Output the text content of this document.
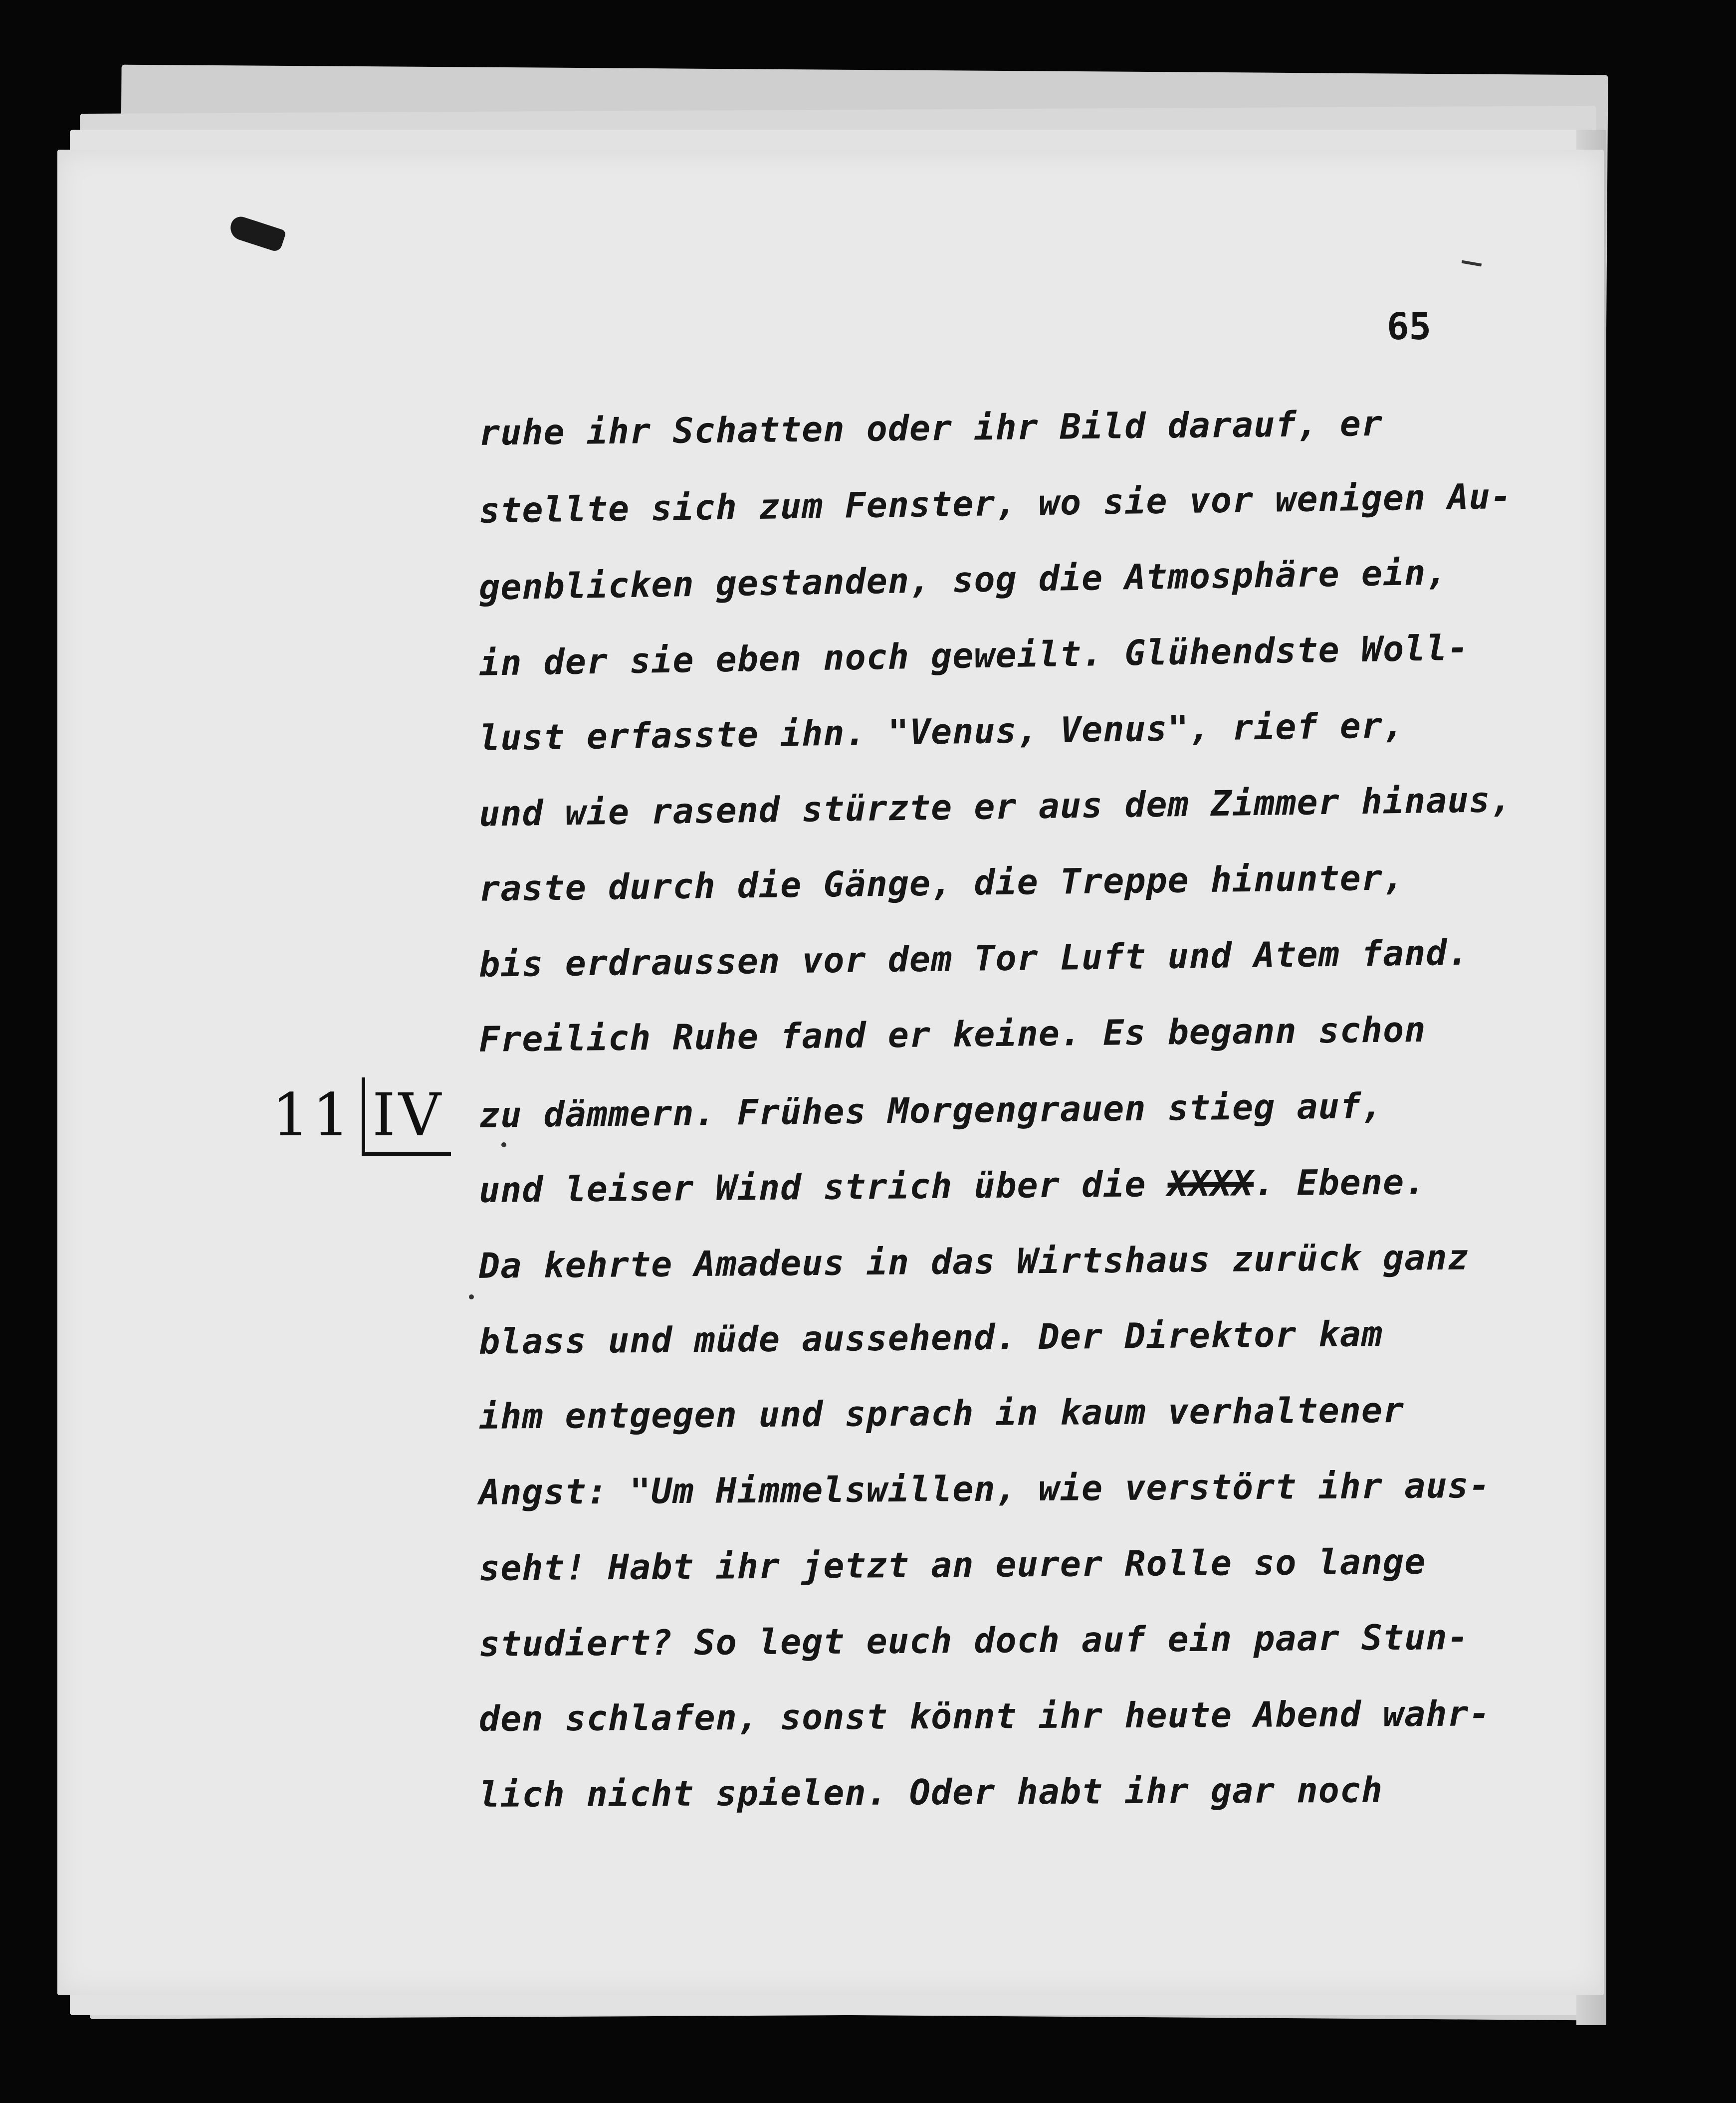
65
11 IV
ruhe ihr Schatten oder ihr Bild darauf, er
stellte sich zum Fenster, wo sie vor wenigen Au-
genblicken gestanden, sog die Atmosphäre ein,
in der sie eben noch geweilt. Glühendste Woll-
lust erfasste ihn. "Venus, Venus", rief er,
und wie rasend stürzte er aus dem Zimmer hinaus,
raste durch die Gänge, die Treppe hinunter,
bis erdraussen vor dem Tor Luft und Atem fand.
Freilich Ruhe fand er keine. Es begann schon
zu dämmern. Frühes Morgengrauen stieg auf,
und leiser Wind strich über die XXXX. Ebene.
Da kehrte Amadeus in das Wirtshaus zurück ganz
blass und müde aussehend. Der Direktor kam
ihm entgegen und sprach in kaum verhaltener
Angst: "Um Himmelswillen, wie verstört ihr aus-
seht! Habt ihr jetzt an eurer Rolle so lange
studiert? So legt euch doch auf ein paar Stun-
den schlafen, sonst könnt ihr heute Abend wahr-
lich nicht spielen. Oder habt ihr gar noch
